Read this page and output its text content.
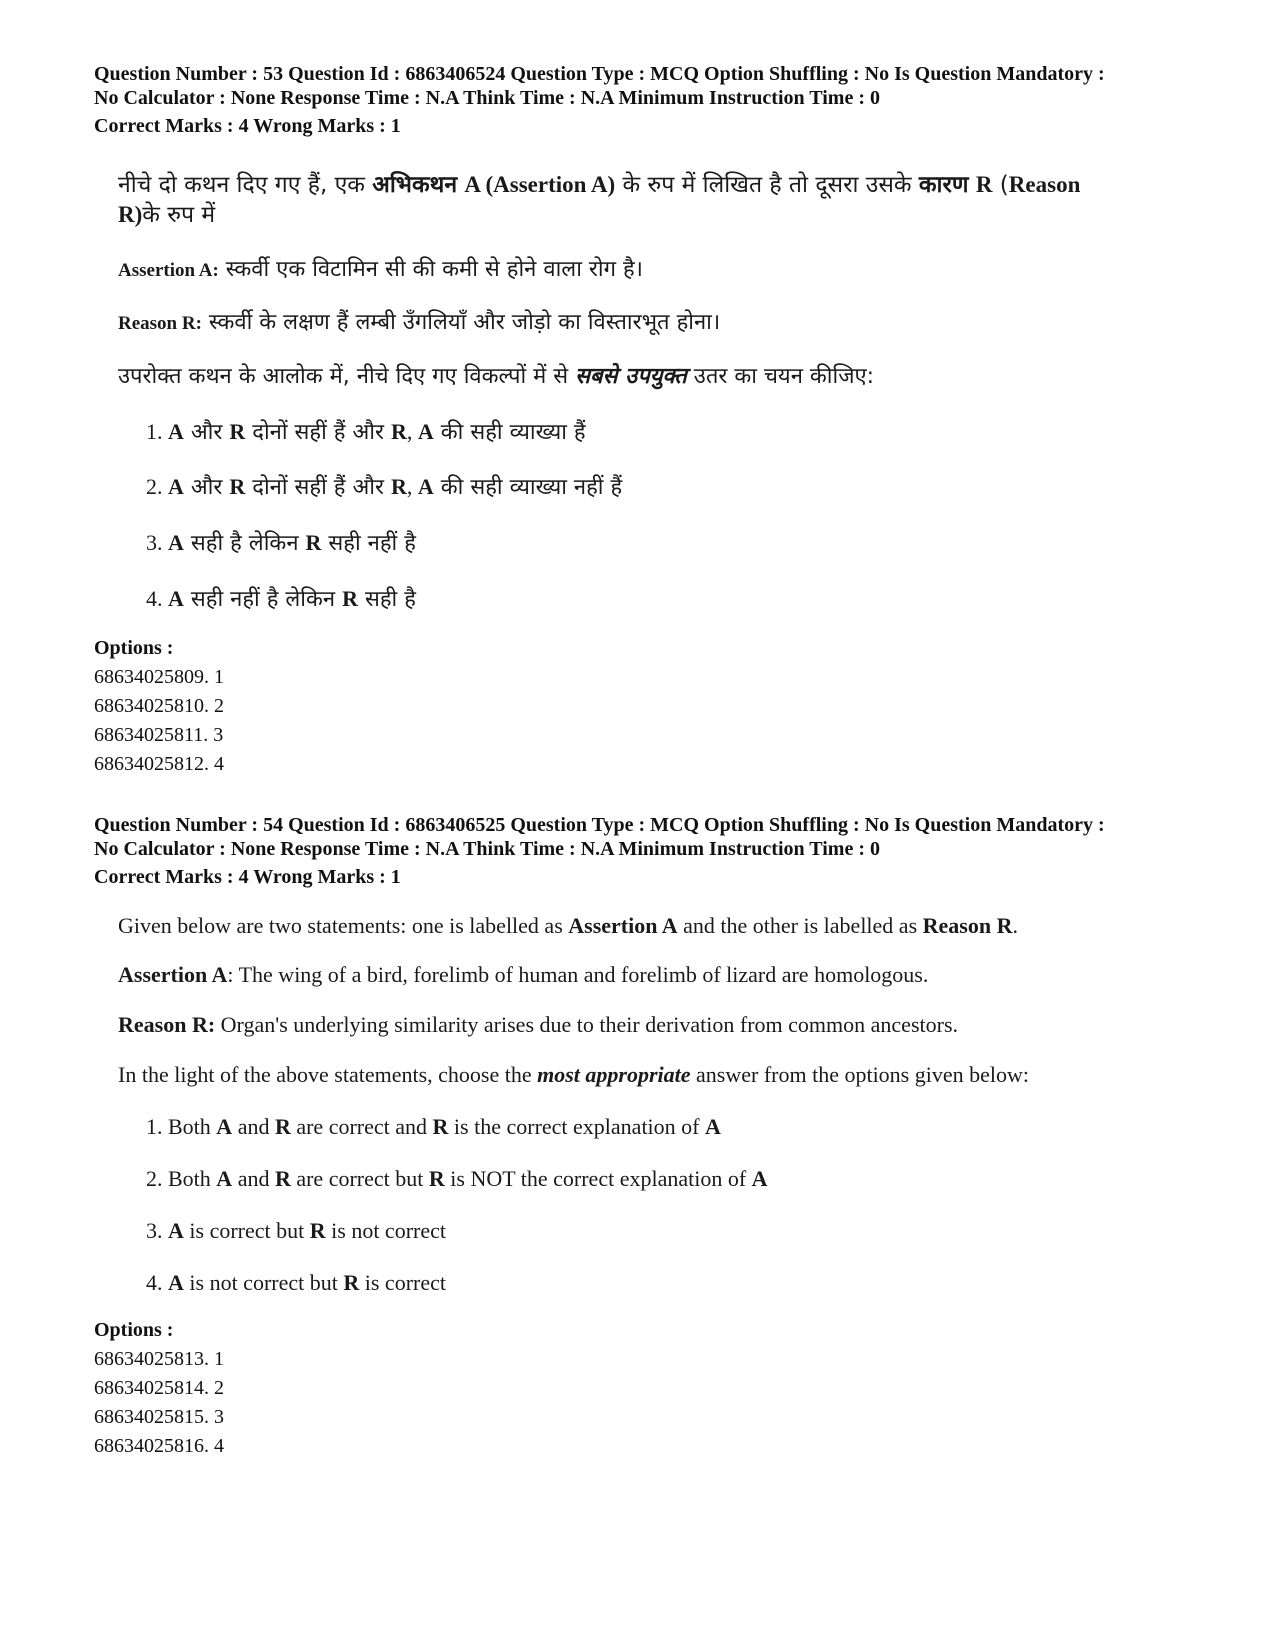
Question Number : 53 Question Id : 6863406524 Question Type : MCQ Option Shuffling : No Is Question Mandatory :
No Calculator : None Response Time : N.A Think Time : N.A Minimum Instruction Time : 0
Correct Marks : 4 Wrong Marks : 1
नीचे दो कथन दिए गए हैं, एक अभिकथन A (Assertion A) के रुप में लिखित है तो दूसरा उसके कारण R (Reason
R)के रुप में
Assertion A: स्कर्वी एक विटामिन सी की कमी से होने वाला रोग है।
Reason R: स्कर्वी के लक्षण हैं लम्बी उँगलियाँ और जोड़ो का विस्तारभूत होना।
उपरोक्त कथन के आलोक में, नीचे दिए गए विकल्पों में से सबसे उपयुक्त उतर का चयन कीजिए:
1. A और R दोनों सहीं हैं और R, A की सही व्याख्या हैं
2. A और R दोनों सहीं हैं और R, A की सही व्याख्या नहीं हैं
3. A सही है लेकिन R सही नहीं है
4. A सही नहीं है लेकिन R सही है
Options :
68634025809. 1
68634025810. 2
68634025811. 3
68634025812. 4
Question Number : 54 Question Id : 6863406525 Question Type : MCQ Option Shuffling : No Is Question Mandatory :
No Calculator : None Response Time : N.A Think Time : N.A Minimum Instruction Time : 0
Correct Marks : 4 Wrong Marks : 1
Given below are two statements: one is labelled as Assertion A and the other is labelled as Reason R.
Assertion A: The wing of a bird, forelimb of human and forelimb of lizard are homologous.
Reason R: Organ's underlying similarity arises due to their derivation from common ancestors.
In the light of the above statements, choose the most appropriate answer from the options given below:
1. Both A and R are correct and R is the correct explanation of A
2. Both A and R are correct but R is NOT the correct explanation of A
3. A is correct but R is not correct
4. A is not correct but R is correct
Options :
68634025813. 1
68634025814. 2
68634025815. 3
68634025816. 4
